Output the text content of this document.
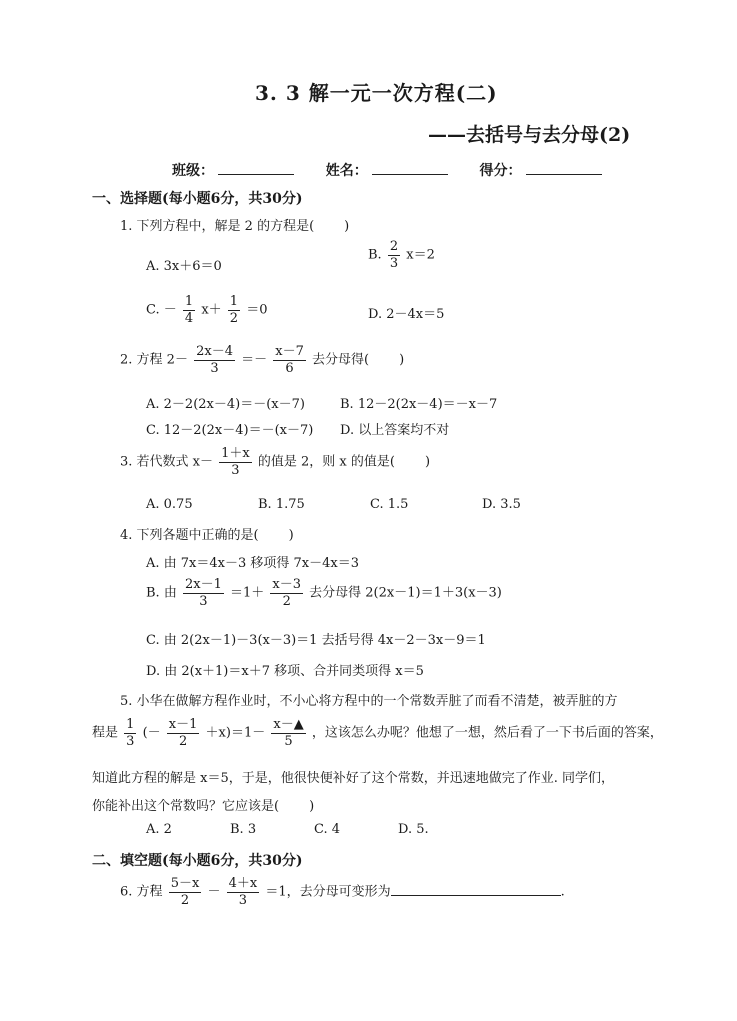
3. 3 解一元一次方程(二)
——去括号与去分母(2)
班级：	姓名：	得分：
一、选择题(每小题6分，共30分)
1. 下列方程中，解是 2 的方程是( )
A. 3x＋6＝0
B. $\frac{2}{3} x=2$
C. － $\frac{1}{4} x+ \frac{1}{2} =0$	D. 2－4x＝5
2. 方程 $2- \frac{2x-4}{3} =- \frac{x-7}{6}$ 去分母得( )
A. 2－2(2x－4)＝－(x－7)	B. 12－2(2x－4)＝－x－7
C. 12－2(2x－4)＝－(x－7) D. 以上答案均不对
3. 若代数式 $x- \frac{1+x}{3}$ 的值是 2，则 x 的值是( )
A. 0.75	B. 1.75	C. 1.5	D. 3.5
4. 下列各题中正确的是( )
A. 由 7x＝4x－3 移项得 7x－4x＝3
B. 由 $\frac{2x-1}{3} =1+ \frac{x-3}{2}$ 去分母得 2(2x－1)＝1＋3(x－3)
C. 由 2(2x－1)－3(x－3)＝1 去括号得 4x－2－3x－9＝1
D. 由 2(x＋1)＝x＋7 移项、合并同类项得 x＝5
5. 小华在做解方程作业时，不小心将方程中的一个常数弄脏了而看不清楚，被弄脏的方
程是 $\frac{1}{3}$ (－ $\frac{x-1}{2} +x)=1- \frac{x-▲}{5}$ ，这该怎么办呢？他想了一想，然后看了一下书后面的答案，
知道此方程的解是 x＝5，于是，他很快便补好了这个常数，并迅速地做完了作业. 同学们，
你能补出这个常数吗？它应该是( )
A. 2	B. 3	C. 4	D. 5.
二、填空题(每小题6分，共30分)
6. 方程 $\frac{5-x}{2} - \frac{4+x}{3} =1$，去分母可变形为	.
